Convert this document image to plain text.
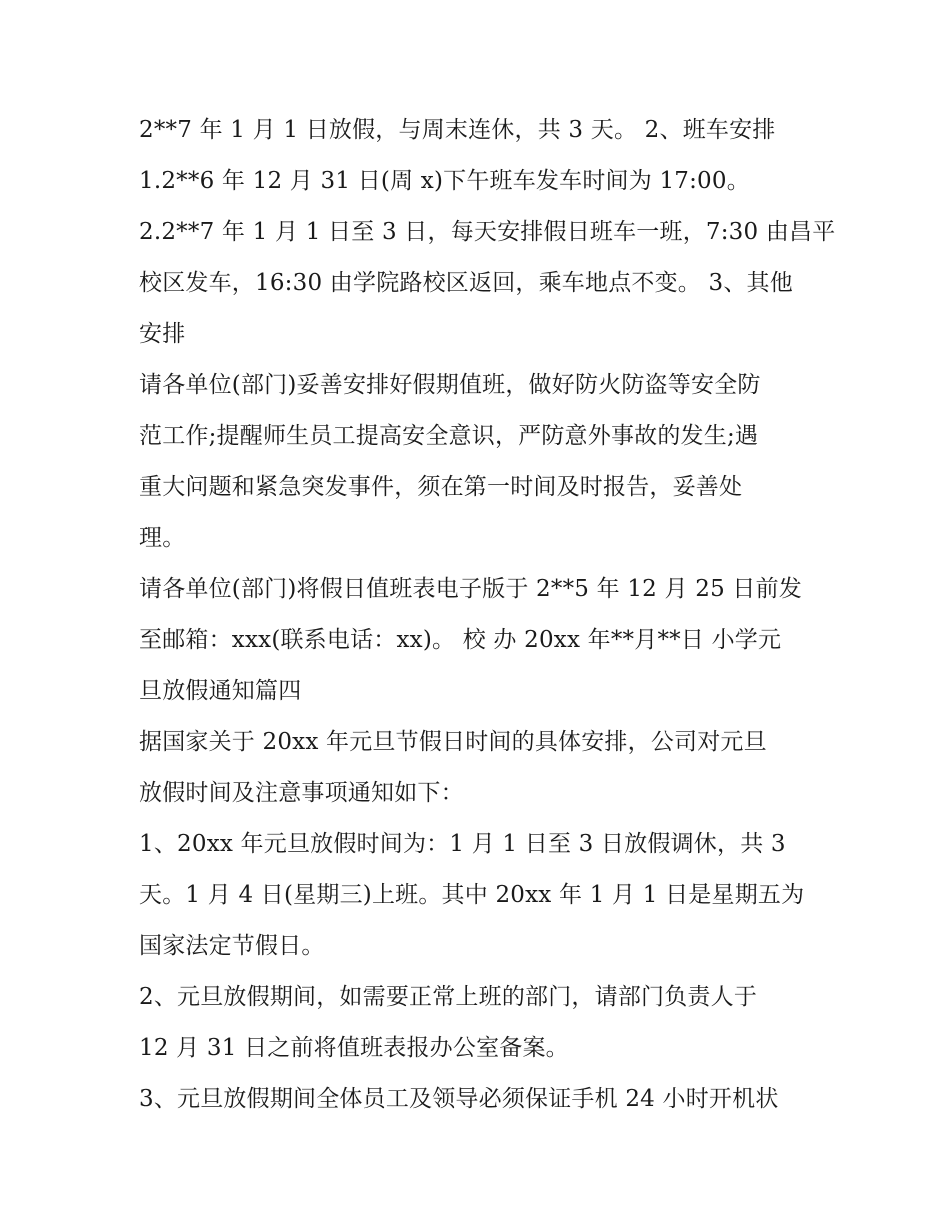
2**7 年 1 月 1 日放假，与周末连休，共 3 天。 2、班车安排
1.2**6 年 12 月 31 日(周 x)下午班车发车时间为 17:00。
2.2**7 年 1 月 1 日至 3 日，每天安排假日班车一班，7:30 由昌平
校区发车，16:30 由学院路校区返回，乘车地点不变。 3、其他
安排
请各单位(部门)妥善安排好假期值班，做好防火防盗等安全防
范工作;提醒师生员工提高安全意识，严防意外事故的发生;遇
重大问题和紧急突发事件，须在第一时间及时报告，妥善处
理。
请各单位(部门)将假日值班表电子版于 2**5 年 12 月 25 日前发
至邮箱：xxx(联系电话：xx)。 校 办 20xx 年**月**日 小学元
旦放假通知篇四
据国家关于 20xx 年元旦节假日时间的具体安排，公司对元旦
放假时间及注意事项通知如下：
1、20xx 年元旦放假时间为：1 月 1 日至 3 日放假调休，共 3
天。1 月 4 日(星期三)上班。其中 20xx 年 1 月 1 日是星期五为
国家法定节假日。
2、元旦放假期间，如需要正常上班的部门，请部门负责人于
12 月 31 日之前将值班表报办公室备案。
3、元旦放假期间全体员工及领导必须保证手机 24 小时开机状
